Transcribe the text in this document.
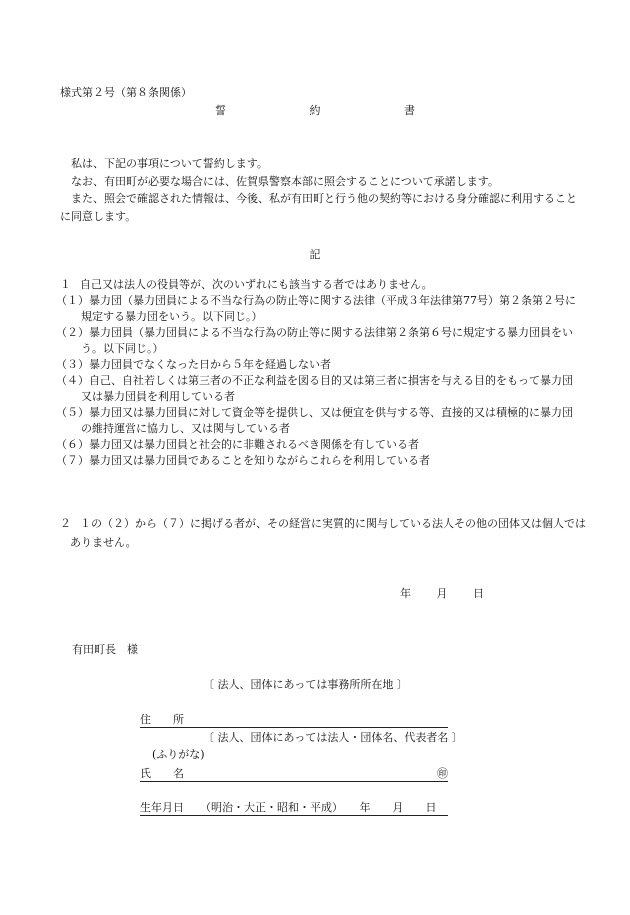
様式第２号（第８条関係）
誓	約	書

私は、下記の事項について誓約します。

なお、有田町が必要な場合には、佐賀県警察本部に照会することについて承諾します。

また、照会で確認された情報は、今後、私が有田町と行う他の契約等における身分確認に利用することに同意します。

記

１ 自己又は法人の役員等が、次のいずれにも該当する者ではありません。

（１）暴力団（暴力団員による不当な行為の防止等に関する法律（平成３年法律第77号）第２条第２号に規定する暴力団をいう。以下同じ。）

（２）暴力団員（暴力団員による不当な行為の防止等に関する法律第２条第６号に規定する暴力団員をいう。以下同じ。）

（３）暴力団員でなくなった日から５年を経過しない者

（４）自己、自社若しくは第三者の不正な利益を図る目的又は第三者に損害を与える目的をもって暴力団又は暴力団員を利用している者

（５）暴力団又は暴力団員に対して資金等を提供し、又は便宜を供与する等、直接的又は積極的に暴力団の維持運営に協力し、又は関与している者

（６）暴力団又は暴力団員と社会的に非難されるべき関係を有している者

（７）暴力団又は暴力団員であることを知りながらこれらを利用している者

２ １の（２）から（７）に掲げる者が、その経営に実質的に関与している法人その他の団体又は個人ではありません。
年 月 日
有田町長　様
〔 法人、団体にあっては事務所所在地 〕
住　　所
〔 法人、団体にあっては法人・団体名、代表者名 〕
(ふりがな)
氏　　名	㊞
生年月日 （明治・大正・昭和・平成）　　年　　月　　日
